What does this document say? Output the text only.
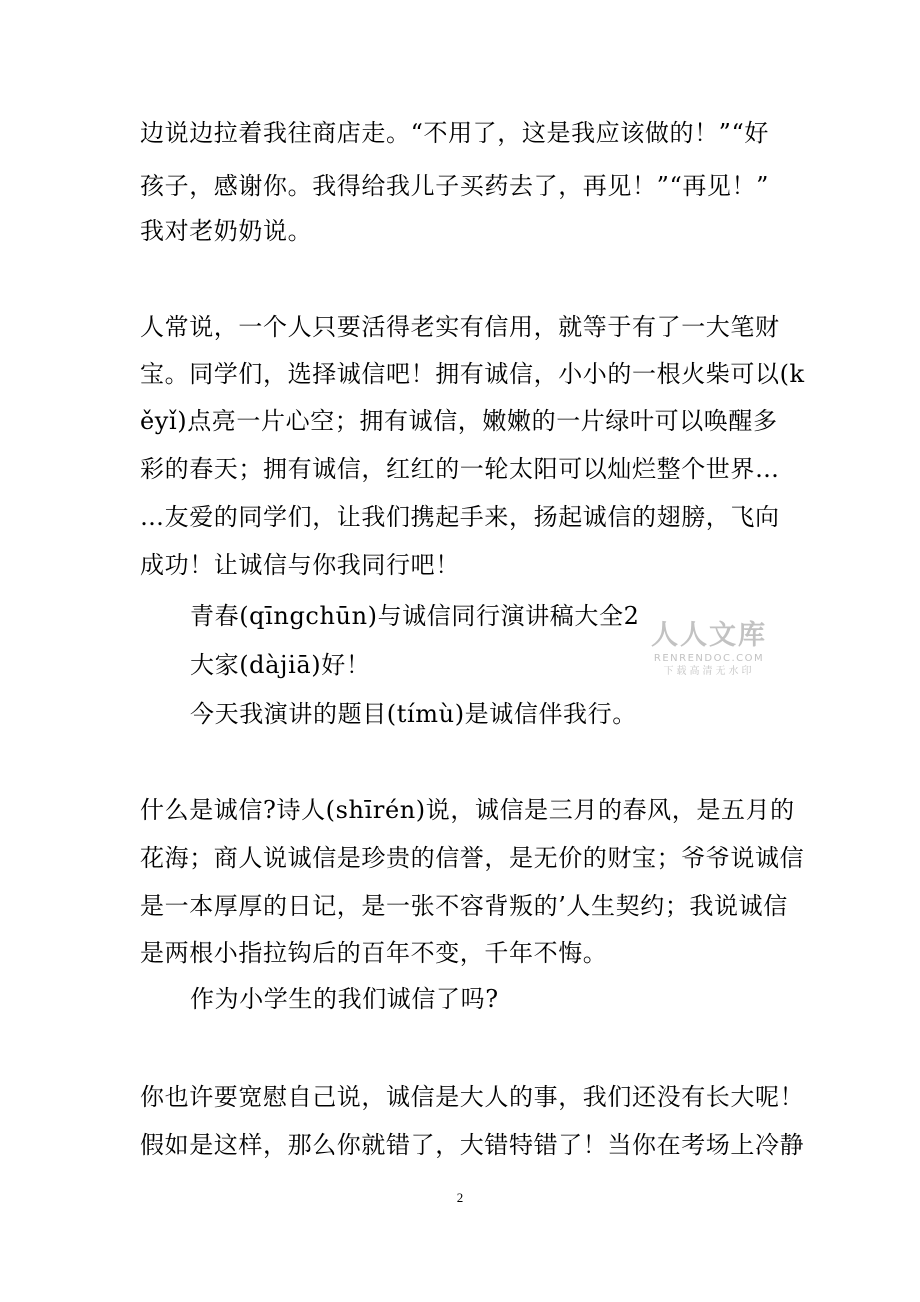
边说边拉着我往商店走。“不用了，这是我应该做的！”“好
孩子，感谢你。我得给我儿子买药去了，再见！”“再见！”
我对老奶奶说。
人常说，一个人只要活得老实有信用，就等于有了一大笔财
宝。同学们，选择诚信吧！拥有诚信，小小的一根火柴可以(k
ěyǐ)点亮一片心空；拥有诚信，嫩嫩的一片绿叶可以唤醒多
彩的春天；拥有诚信，红红的一轮太阳可以灿烂整个世界…
…友爱的同学们，让我们携起手来，扬起诚信的翅膀，飞向
成功！让诚信与你我同行吧！
青春(qīngchūn)与诚信同行演讲稿大全2
大家(dàjiā)好！
今天我演讲的题目(tímù)是诚信伴我行。
什么是诚信?诗人(shīrén)说，诚信是三月的春风，是五月的
花海；商人说诚信是珍贵的信誉，是无价的财宝；爷爷说诚信
是一本厚厚的日记，是一张不容背叛的’人生契约；我说诚信
是两根小指拉钩后的百年不变，千年不悔。
作为小学生的我们诚信了吗?
你也许要宽慰自己说，诚信是大人的事，我们还没有长大呢！
假如是这样，那么你就错了，大错特错了！当你在考场上冷静
2
人人文库
RENRENDOC.COM
下载高清无水印
